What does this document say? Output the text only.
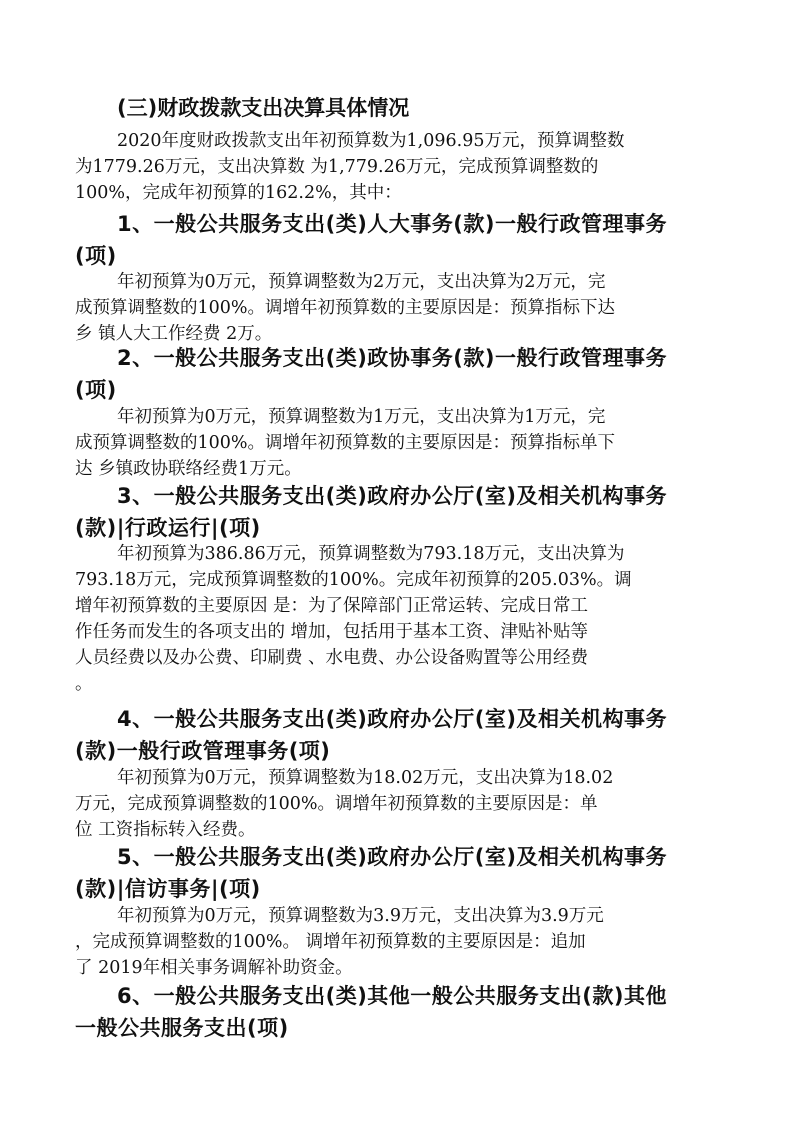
(三)财政拨款支出决算具体情况
2020年度财政拨款支出年初预算数为1,096.95万元，预算调整数
为1779.26万元，支出决算数 为1,779.26万元，完成预算调整数的
100%，完成年初预算的162.2%，其中：
1、一般公共服务支出(类)人大事务(款)一般行政管理事务
(项)
年初预算为0万元，预算调整数为2万元，支出决算为2万元，完
成预算调整数的100%。调增年初预算数的主要原因是：预算指标下达
乡 镇人大工作经费 2万。
2、一般公共服务支出(类)政协事务(款)一般行政管理事务
(项)
年初预算为0万元，预算调整数为1万元，支出决算为1万元，完
成预算调整数的100%。调增年初预算数的主要原因是：预算指标单下
达 乡镇政协联络经费1万元。
3、一般公共服务支出(类)政府办公厅(室)及相关机构事务
(款)|行政运行|(项)
年初预算为386.86万元，预算调整数为793.18万元，支出决算为
793.18万元，完成预算调整数的100%。完成年初预算的205.03%。调
增年初预算数的主要原因 是：为了保障部门正常运转、完成日常工
作任务而发生的各项支出的 增加，包括用于基本工资、津贴补贴等
人员经费以及办公费、印刷费 、水电费、办公设备购置等公用经费
。
4、一般公共服务支出(类)政府办公厅(室)及相关机构事务
(款)一般行政管理事务(项)
年初预算为0万元，预算调整数为18.02万元，支出决算为18.02
万元，完成预算调整数的100%。调增年初预算数的主要原因是：单
位 工资指标转入经费。
5、一般公共服务支出(类)政府办公厅(室)及相关机构事务
(款)|信访事务|(项)
年初预算为0万元，预算调整数为3.9万元，支出决算为3.9万元
，完成预算调整数的100%。 调增年初预算数的主要原因是：追加
了 2019年相关事务调解补助资金。
6、一般公共服务支出(类)其他一般公共服务支出(款)其他
一般公共服务支出(项)
